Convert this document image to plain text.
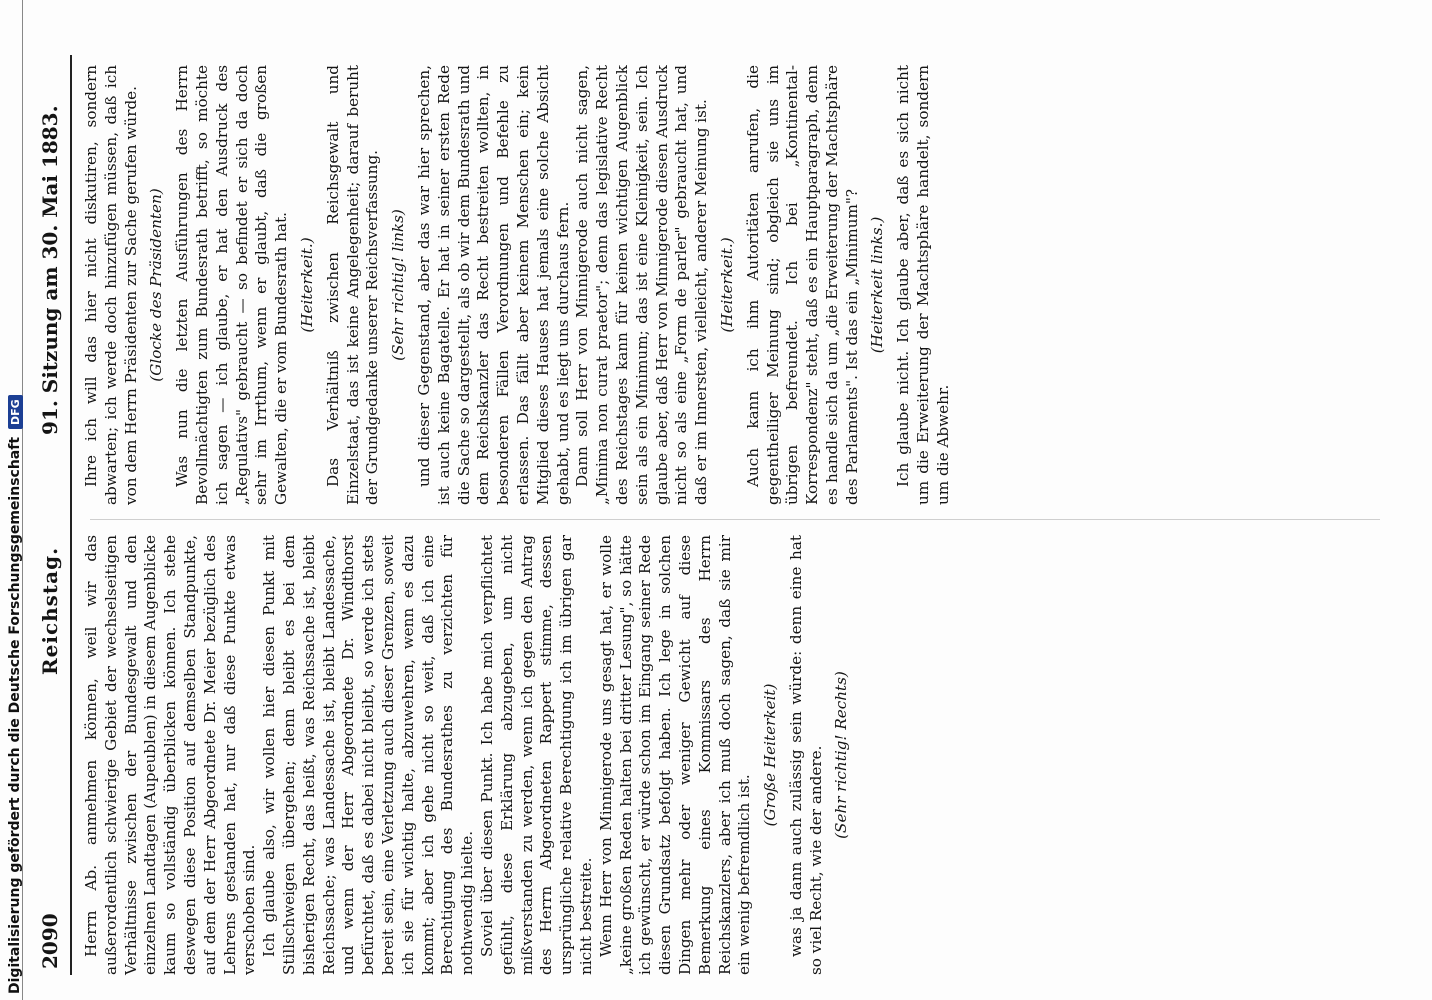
Digitalisierung gefördert durch die Deutsche Forschungsgemeinschaft
DFG
2090
Reichstag.
91. Sitzung am 30. Mai 1883.

Herrn Ab. anmehmen können, weil wir das außerordentlich schwierige Gebiet der wechselseitigen Verhältnisse zwischen der Bundesgewalt und den einzelnen Landtagen (Aupeublen) in diesem Augenblicke kaum so vollständig überblicken können. Ich stehe deswegen diese Position auf demselben Standpunkte, auf dem der Herr Abgeordnete Dr. Meier bezüglich des Lehrens gestanden hat, nur daß diese Punkte etwas verschoben sind. Ich glaube also, wir wollen hier diesen Punkt mit Stillschweigen übergehen; denn bleibt es bei dem bisherigen Recht, das heißt, was Reichssache ist, bleibt Reichssache; was Landessache ist, bleibt Landessache, und wenn der Herr Abgeordnete Dr. Windthorst befürchtet, daß es dabei nicht bleibt, so werde ich stets bereit sein, eine Verletzung auch dieser Grenzen, soweit ich sie für wichtig halte, abzuwehren, wenn es dazu kommt; aber ich gehe nicht so weit, daß ich eine Berechtigung des Bundesrathes zu verzichten für nothwendig hielte. Soviel über diesen Punkt. Ich habe mich verpflichtet gefühlt, diese Erklärung abzugeben, um nicht mißverstanden zu werden, wenn ich gegen den Antrag des Herrn Abgeordneten Rappert stimme, dessen ursprüngliche relative Berechtigung ich im übrigen gar nicht bestreite. Wenn Herr von Minnigerode uns gesagt hat, er wolle „keine großen Reden halten bei dritter Lesung", so hätte ich gewünscht, er würde schon im Eingang seiner Rede diesen Grundsatz befolgt haben. Ich lege in solchen Dingen mehr oder weniger Gewicht auf diese Bemerkung eines Kommissars des Herrn Reichskanzlers, aber ich muß doch sagen, daß sie mir ein wenig befremdlich ist.

(Große Heiterkeit) was ja dann auch zulässig sein würde: denn eine hat so viel Recht, wie der andere. (Sehr richtig! Rechts)

Ihre ich will das hier nicht diskutiren, sondern abwarten; ich werde doch hinzufügen müssen, daß ich von dem Herrn Präsidenten zur Sache gerufen würde. (Glocke des Präsidenten) Was nun die letzten Ausführungen des Herrn Bevollmächtigten zum Bundesrath betrifft, so möchte ich sagen — ich glaube, er hat den Ausdruck des „Regulativs" gebraucht — so befindet er sich da doch sehr im Irrthum, wenn er glaubt, daß die großen Gewalten, die er vom Bundesrath hat. (Heiterkeit.) Das Verhältniß zwischen Reichsgewalt und Einzelstaat, das ist keine Angelegenheit; darauf beruht der Grundgedanke unserer Reichsverfassung. (Sehr richtig! links) und dieser Gegenstand, aber das war hier sprechen, ist auch keine Bagatelle. Er hat in seiner ersten Rede die Sache so dargestellt, als ob wir dem Bundesrath und dem Reichskanzler das Recht bestreiten wollten, in besonderen Fällen Verordnungen und Befehle zu erlassen. Das fällt aber keinem Menschen ein; kein Mitglied dieses Hauses hat jemals eine solche Absicht gehabt, und es liegt uns durchaus fern. Dann soll Herr von Minnigerode auch nicht sagen, „Minima non curat praetor"; denn das legislative Recht des Reichstages kann für keinen wichtigen Augenblick sein als ein Minimum; das ist eine Kleinigkeit, sein. Ich glaube aber, daß Herr von Minnigerode diesen Ausdruck nicht so als eine „Form de parler" gebraucht hat, und daß er im Innersten, vielleicht, anderer Meinung ist. (Heiterkeit.) Auch kann ich ihm Autoritäten anrufen, die gegentheiliger Meinung sind; obgleich sie uns im übrigen befreundet. Ich bei „Kontinental-Korrespondenz" steht, daß es ein Hauptparagraph, denn es handle sich da um „die Erweiterung der Machtsphäre des Parlaments". Ist das ein „Minimum"? (Heiterkeit links.) Ich glaube nicht. Ich glaube aber, daß es sich nicht um die Erweiterung der Machtsphäre handelt, sondern um die Abwehr.
